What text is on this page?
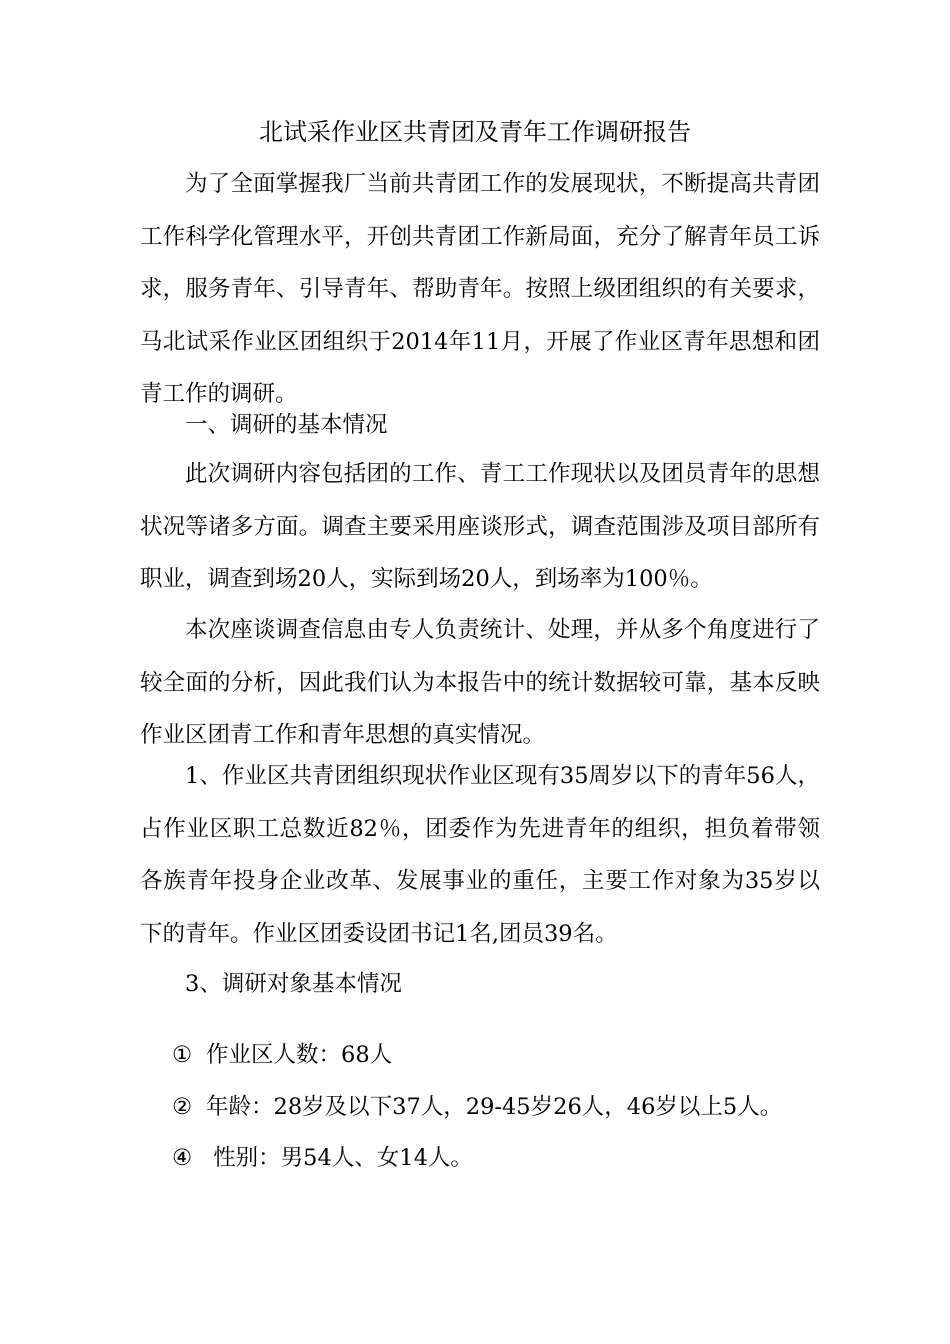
北试采作业区共青团及青年工作调研报告

为了全面掌握我厂当前共青团工作的发展现状，不断提高共青团工作科学化管理水平，开创共青团工作新局面，充分了解青年员工诉求，服务青年、引导青年、帮助青年。按照上级团组织的有关要求，马北试采作业区团组织于2014年11月，开展了作业区青年思想和团青工作的调研。

一、调研的基本情况

此次调研内容包括团的工作、青工工作现状以及团员青年的思想状况等诸多方面。调查主要采用座谈形式，调查范围涉及项目部所有职业，调查到场20人，实际到场20人，到场率为100％。

本次座谈调查信息由专人负责统计、处理，并从多个角度进行了较全面的分析，因此我们认为本报告中的统计数据较可靠，基本反映作业区团青工作和青年思想的真实情况。

1、作业区共青团组织现状作业区现有35周岁以下的青年56人，占作业区职工总数近82％，团委作为先进青年的组织，担负着带领各族青年投身企业改革、发展事业的重任，主要工作对象为35岁以下的青年。作业区团委设团书记1名,团员39名。

3、调研对象基本情况
① 作业区人数：68人
② 年龄：28岁及以下37人，29-45岁26人，46岁以上5人。
④ 性别：男54人、女14人。
